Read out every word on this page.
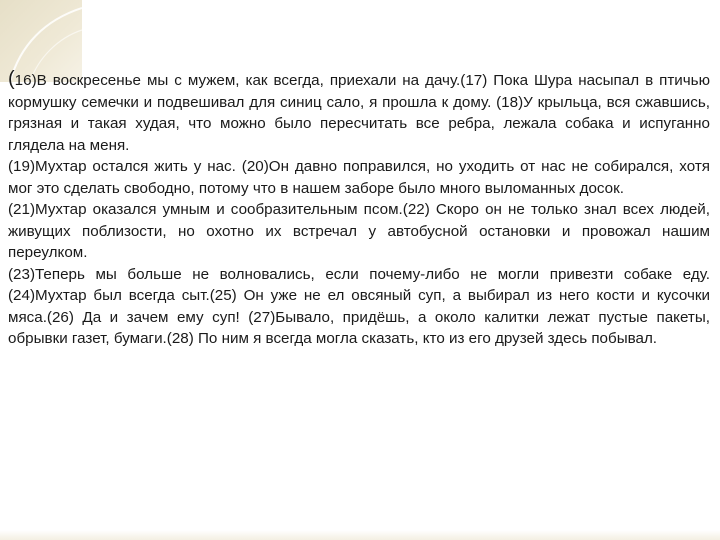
(16)В воскресенье мы с мужем, как всегда, приехали на дачу.(17) Пока Шура насыпал в птичью кормушку семечки и подвешивал для синиц сало, я прошла к дому. (18)У крыльца, вся сжавшись, грязная и такая худая, что можно было пересчитать все ребра, лежала собака и испуганно глядела на меня.

(19)Мухтар остался жить у нас. (20)Он давно поправился, но уходить от нас не собирался, хотя мог это сделать свободно, потому что в нашем заборе было много выломанных досок.

(21)Мухтар оказался умным и сообразительным псом.(22) Скоро он не только знал всех людей, живущих поблизости, но охотно их встречал у автобусной остановки и провожал нашим переулком.

(23)Теперь мы больше не волновались, если почему-либо не могли привезти собаке еду. (24)Мухтар был всегда сыт.(25) Он уже не ел овсяный суп, а выбирал из него кости и кусочки мяса.(26) Да и зачем ему суп! (27)Бывало, придёшь, а около калитки лежат пустые пакеты, обрывки газет, бумаги.(28) По ним я всегда могла сказать, кто из его друзей здесь побывал.
